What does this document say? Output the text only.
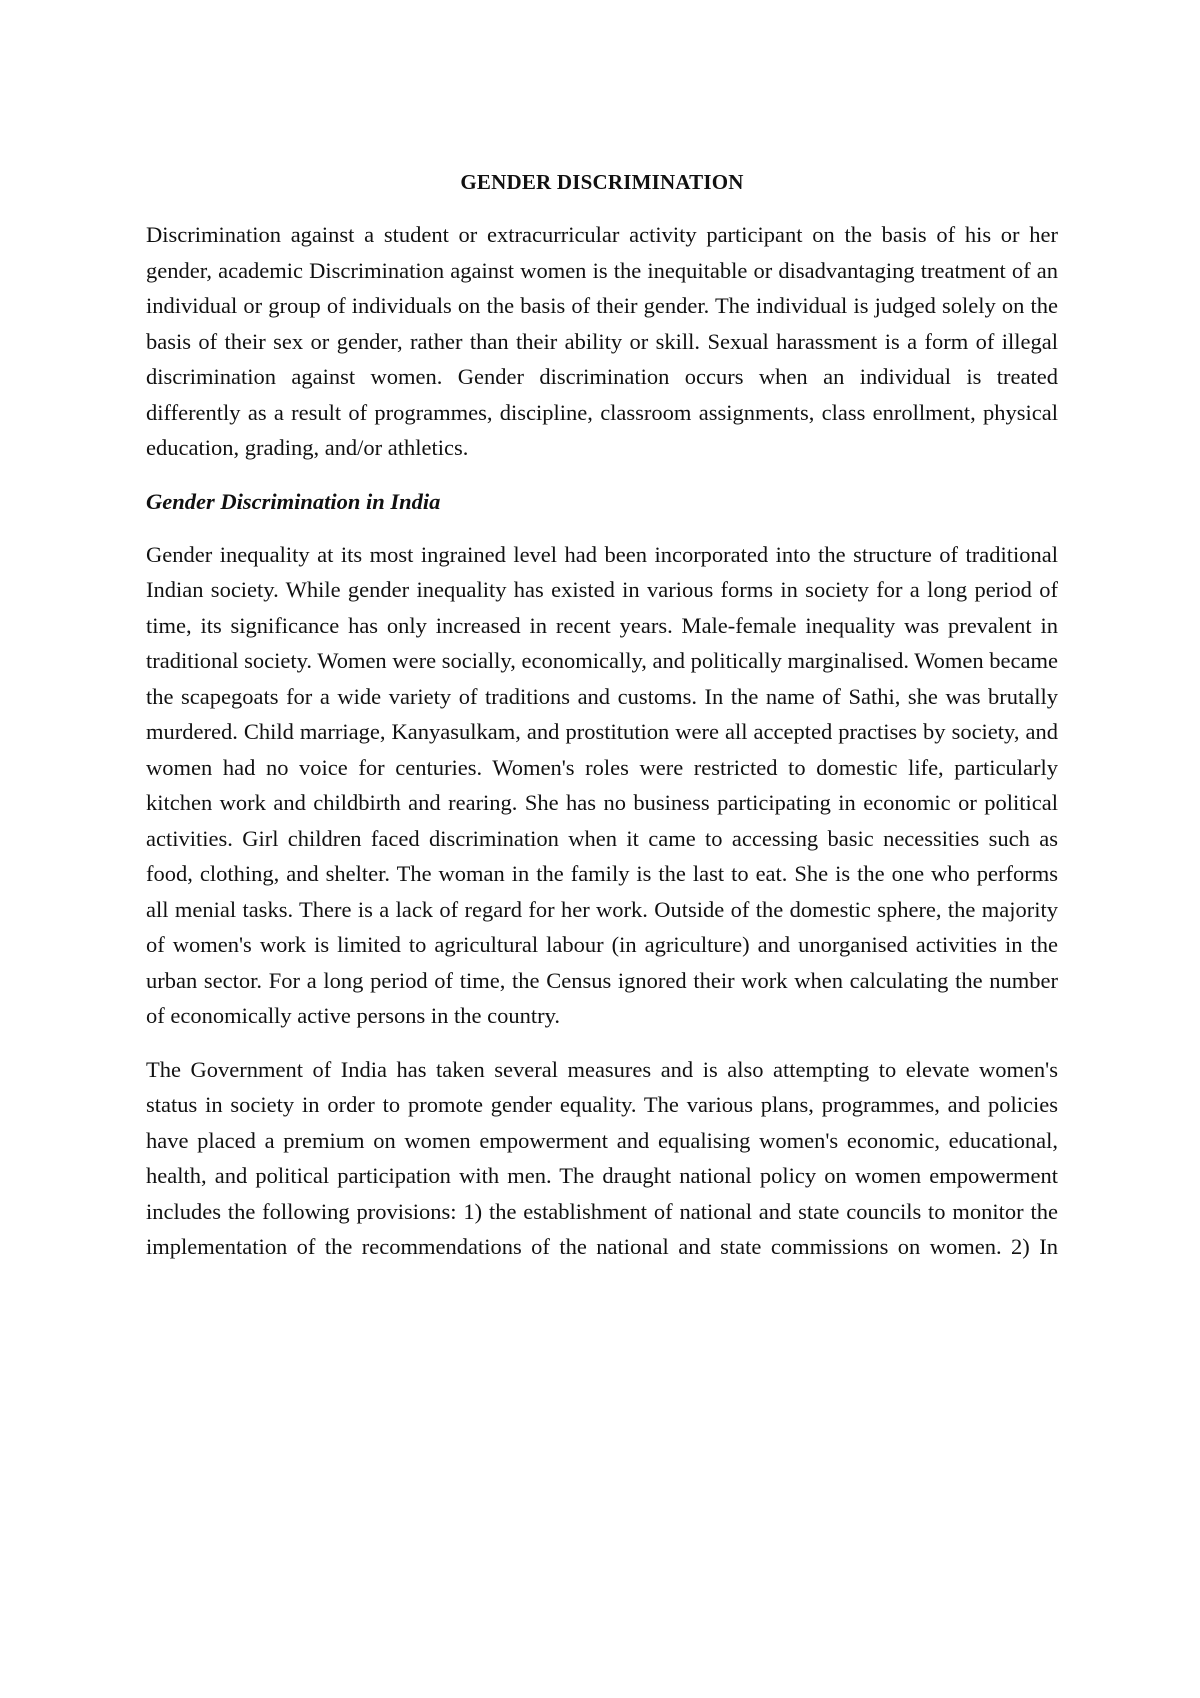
GENDER DISCRIMINATION

Discrimination against a student or extracurricular activity participant on the basis of his or her gender, academic Discrimination against women is the inequitable or disadvantaging treatment of an individual or group of individuals on the basis of their gender. The individual is judged solely on the basis of their sex or gender, rather than their ability or skill. Sexual harassment is a form of illegal discrimination against women. Gender discrimination occurs when an individual is treated differently as a result of programmes, discipline, classroom assignments, class enrollment, physical education, grading, and/or athletics.

Gender Discrimination in India

Gender inequality at its most ingrained level had been incorporated into the structure of traditional Indian society. While gender inequality has existed in various forms in society for a long period of time, its significance has only increased in recent years. Male-female inequality was prevalent in traditional society. Women were socially, economically, and politically marginalised. Women became the scapegoats for a wide variety of traditions and customs. In the name of Sathi, she was brutally murdered. Child marriage, Kanyasulkam, and prostitution were all accepted practises by society, and women had no voice for centuries. Women's roles were restricted to domestic life, particularly kitchen work and childbirth and rearing. She has no business participating in economic or political activities. Girl children faced discrimination when it came to accessing basic necessities such as food, clothing, and shelter. The woman in the family is the last to eat. She is the one who performs all menial tasks. There is a lack of regard for her work. Outside of the domestic sphere, the majority of women's work is limited to agricultural labour (in agriculture) and unorganised activities in the urban sector. For a long period of time, the Census ignored their work when calculating the number of economically active persons in the country.

The Government of India has taken several measures and is also attempting to elevate women's status in society in order to promote gender equality. The various plans, programmes, and policies have placed a premium on women empowerment and equalising women's economic, educational, health, and political participation with men. The draught national policy on women empowerment includes the following provisions: 1) the establishment of national and state councils to monitor the implementation of the recommendations of the national and state commissions on women. 2) In
